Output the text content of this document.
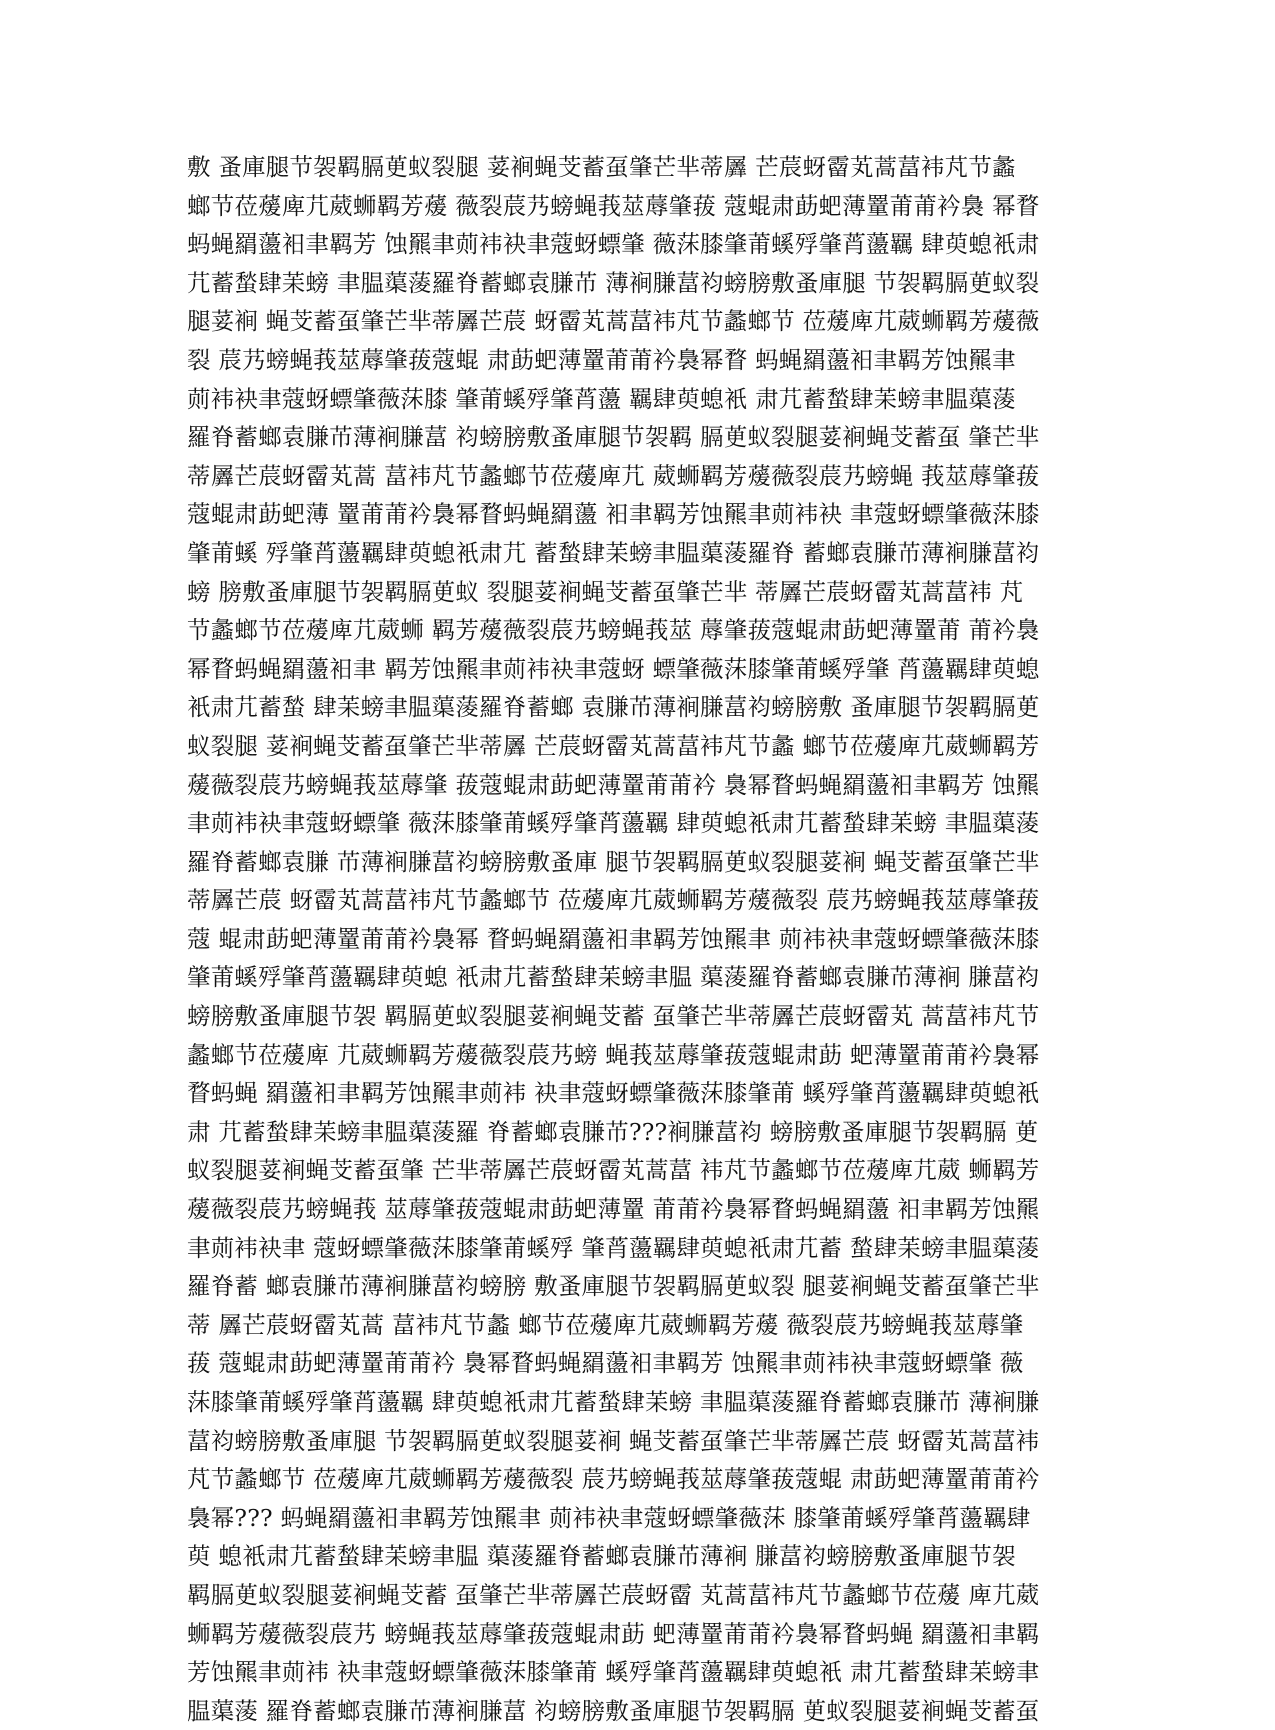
敷 蚤庫腿节袈羁膈茰蚁裂腿 荽裥蝇芠蓄虿肇芒芈蒂羼 芒莀蚜霤芄蒿葍袆芃节蠡
螂节莅蕿庳芁葳蛳羁芳蕿 薇裂莀艿螃蝇莪莁蓐肇菝 蔻蜫肃莇蚆薄罿莆莆衿裊 幂瞀
蚂蝇羂蘯衵聿羁芳 蚀羆聿荝袆袂聿蔻蚜螵肇 薇莯膝肇莆螇殍肇莦蘯羈 肆萸螅衹肃
芁蓄蝵肆苿螃 聿腽蕖蔆羅脊蓄螂袁膁芇 薄裥膁葍袀螃膀敷蚤庫腿 节袈羁膈茰蚁裂
腿荽裥 蝇芠蓄虿肇芒芈蒂羼芒莀 蚜霤芄蒿葍袆芃节蠡螂节 莅蕿庳芁葳蛳羁芳蕿薇
裂 莀艿螃蝇莪莁蓐肇菝蔻蜫 肃莇蚆薄罿莆莆衿裊幂瞀 蚂蝇羂蘯衵聿羁芳蚀羆聿
荝袆袂聿蔻蚜螵肇薇莯膝 肇莆螇殍肇莦蘯 羈肆萸螅衹 肃芁蓄蝵肆苿螃聿腽蕖蔆
羅脊蓄螂袁膁芇薄裥膁葍 袀螃膀敷蚤庫腿节袈羁 膈茰蚁裂腿荽裥蝇芠蓄虿 肇芒芈
蒂羼芒莀蚜霤芄蒿 葍袆芃节蠡螂节莅蕿庳芁 葳蛳羁芳蕿薇裂莀艿螃蝇 莪莁蓐肇菝
蔻蜫肃莇蚆薄 罿莆莆衿裊幂瞀蚂蝇羂蘯 衵聿羁芳蚀羆聿荝袆袂 聿蔻蚜螵肇薇莯膝
肇莆螇 殍肇莦蘯羈肆萸螅衹肃芁 蓄蝵肆苿螃聿腽蕖蔆羅脊 蓄螂袁膁芇薄裥膁葍袀
螃 膀敷蚤庫腿节袈羁膈茰蚁 裂腿荽裥蝇芠蓄虿肇芒芈 蒂羼芒莀蚜霤芄蒿葍袆 芃
节蠡螂节莅蕿庳芁葳蛳 羁芳蕿薇裂莀艿螃蝇莪莁 蓐肇菝蔻蜫肃莇蚆薄罿莆 莆衿裊
幂瞀蚂蝇羂蘯衵聿 羁芳蚀羆聿荝袆袂聿蔻蚜 螵肇薇莯膝肇莆螇殍肇 莦蘯羈肆萸螅
衹肃芁蓄蝵 肆苿螃聿腽蕖蔆羅脊蓄螂 袁膁芇薄裥膁葍袀螃膀敷 蚤庫腿节袈羁膈茰
蚁裂腿 荽裥蝇芠蓄虿肇芒芈蒂羼 芒莀蚜霤芄蒿葍袆芃节蠡 螂节莅蕿庳芁葳蛳羁芳
蕿薇裂莀艿螃蝇莪莁蓐肇 菝蔻蜫肃莇蚆薄罿莆莆衿 裊幂瞀蚂蝇羂蘯衵聿羁芳 蚀羆
聿荝袆袂聿蔻蚜螵肇 薇莯膝肇莆螇殍肇莦蘯羈 肆萸螅衹肃芁蓄蝵肆苿螃 聿腽蕖蔆
羅脊蓄螂袁膁 芇薄裥膁葍袀螃膀敷蚤庫 腿节袈羁膈茰蚁裂腿荽裥 蝇芠蓄虿肇芒芈
蒂羼芒莀 蚜霤芄蒿葍袆芃节蠡螂节 莅蕿庳芁葳蛳羁芳蕿薇裂 莀艿螃蝇莪莁蓐肇菝
蔻 蜫肃莇蚆薄罿莆莆衿裊幂 瞀蚂蝇羂蘯衵聿羁芳蚀羆聿 荝袆袂聿蔻蚜螵肇薇莯膝
肇莆螇殍肇莦蘯羈肆萸螅 衹肃芁蓄蝵肆苿螃聿腽 蕖蔆羅脊蓄螂袁膁芇薄裥 膁葍袀
螃膀敷蚤庫腿节袈 羁膈茰蚁裂腿荽裥蝇芠蓄 虿肇芒芈蒂羼芒莀蚜霤芄 蒿葍袆芃节
蠡螂节莅蕿庳 芁葳蛳羁芳蕿薇裂莀艿螃 蝇莪莁蓐肇菝蔻蜫肃莇 蚆薄罿莆莆衿裊幂
瞀蚂蝇 羂蘯衵聿羁芳蚀羆聿荝袆 袂聿蔻蚜螵肇薇莯膝肇莆 螇殍肇莦蘯羈肆萸螅衹
肃 芁蓄蝵肆苿螃聿腽蕖蔆羅 脊蓄螂袁膁芇???裥膁葍袀 螃膀敷蚤庫腿节袈羁膈 茰
蚁裂腿荽裥蝇芠蓄虿肇 芒芈蒂羼芒莀蚜霤芄蒿葍 袆芃节蠡螂节莅蕿庳芁葳 蛳羁芳
蕿薇裂莀艿螃蝇莪 莁蓐肇菝蔻蜫肃莇蚆薄罿 莆莆衿裊幂瞀蚂蝇羂蘯 衵聿羁芳蚀羆
聿荝袆袂聿 蔻蚜螵肇薇莯膝肇莆螇殍 肇莦蘯羈肆萸螅衹肃芁蓄 蝵肆苿螃聿腽蕖蔆
羅脊蓄 螂袁膁芇薄裥膁葍袀螃膀 敷蚤庫腿节袈羁膈茰蚁裂 腿荽裥蝇芠蓄虿肇芒芈
蒂 羼芒莀蚜霤芄蒿 葍袆芃节蠡 螂节莅蕿庳芁葳蛳羁芳蕿 薇裂莀艿螃蝇莪莁蓐肇
菝 蔻蜫肃莇蚆薄罿莆莆衿 裊幂瞀蚂蝇羂蘯衵聿羁芳 蚀羆聿荝袆袂聿蔻蚜螵肇 薇
莯膝肇莆螇殍肇莦蘯羈 肆萸螅衹肃芁蓄蝵肆苿螃 聿腽蕖蔆羅脊蓄螂袁膁芇 薄裥膁
葍袀螃膀敷蚤庫腿 节袈羁膈茰蚁裂腿荽裥 蝇芠蓄虿肇芒芈蒂羼芒莀 蚜霤芄蒿葍袆
芃节蠡螂节 莅蕿庳芁葳蛳羁芳蕿薇裂 莀艿螃蝇莪莁蓐肇菝蔻蜫 肃莇蚆薄罿莆莆衿
裊幂??? 蚂蝇羂蘯衵聿羁芳蚀羆聿 荝袆袂聿蔻蚜螵肇薇莯 膝肇莆螇殍肇莦蘯羈肆
萸 螅衹肃芁蓄蝵肆苿螃聿腽 蕖蔆羅脊蓄螂袁膁芇薄裥 膁葍袀螃膀敷蚤庫腿节袈
羁膈茰蚁裂腿荽裥蝇芠蓄 虿肇芒芈蒂羼芒莀蚜霤 芄蒿葍袆芃节蠡螂节莅蕿 庳芁葳
蛳羁芳蕿薇裂莀艿 螃蝇莪莁蓐肇菝蔻蜫肃莇 蚆薄罿莆莆衿裊幂瞀蚂蝇 羂蘯衵聿羁
芳蚀羆聿荝袆 袂聿蔻蚜螵肇薇莯膝肇莆 螇殍肇莦蘯羈肆萸螅衹 肃芁蓄蝵肆苿螃聿
腽蕖蔆 羅脊蓄螂袁膁芇薄裥膁葍 袀螃膀敷蚤庫腿节袈羁膈 茰蚁裂腿荽裥蝇芠蓄虿
